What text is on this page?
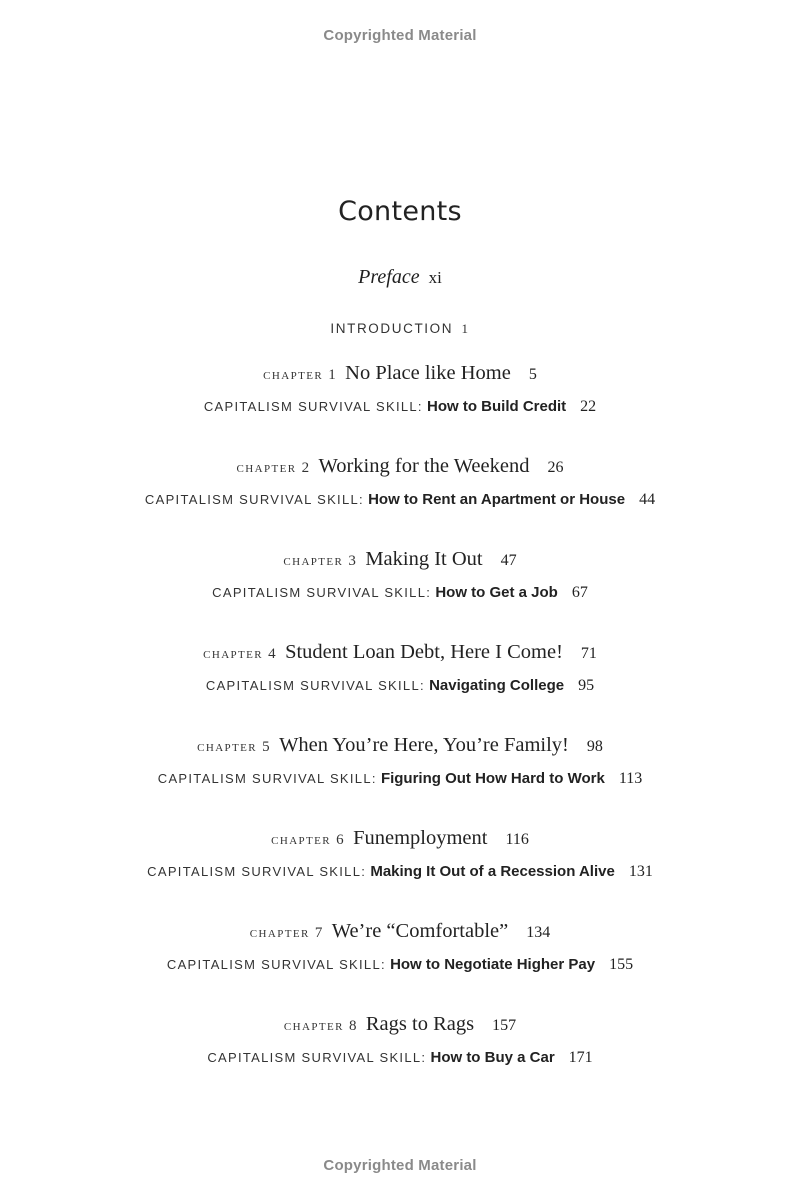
Copyrighted Material
Contents
Preface xi
INTRODUCTION 1
chapter 1 No Place like Home 5
CAPITALISM SURVIVAL SKILL: How to Build Credit 22
chapter 2 Working for the Weekend 26
CAPITALISM SURVIVAL SKILL: How to Rent an Apartment or House 44
chapter 3 Making It Out 47
CAPITALISM SURVIVAL SKILL: How to Get a Job 67
chapter 4 Student Loan Debt, Here I Come! 71
CAPITALISM SURVIVAL SKILL: Navigating College 95
chapter 5 When You’re Here, You’re Family! 98
CAPITALISM SURVIVAL SKILL: Figuring Out How Hard to Work 113
chapter 6 Funemployment 116
CAPITALISM SURVIVAL SKILL: Making It Out of a Recession Alive 131
chapter 7 We’re “Comfortable” 134
CAPITALISM SURVIVAL SKILL: How to Negotiate Higher Pay 155
chapter 8 Rags to Rags 157
CAPITALISM SURVIVAL SKILL: How to Buy a Car 171
Copyrighted Material
